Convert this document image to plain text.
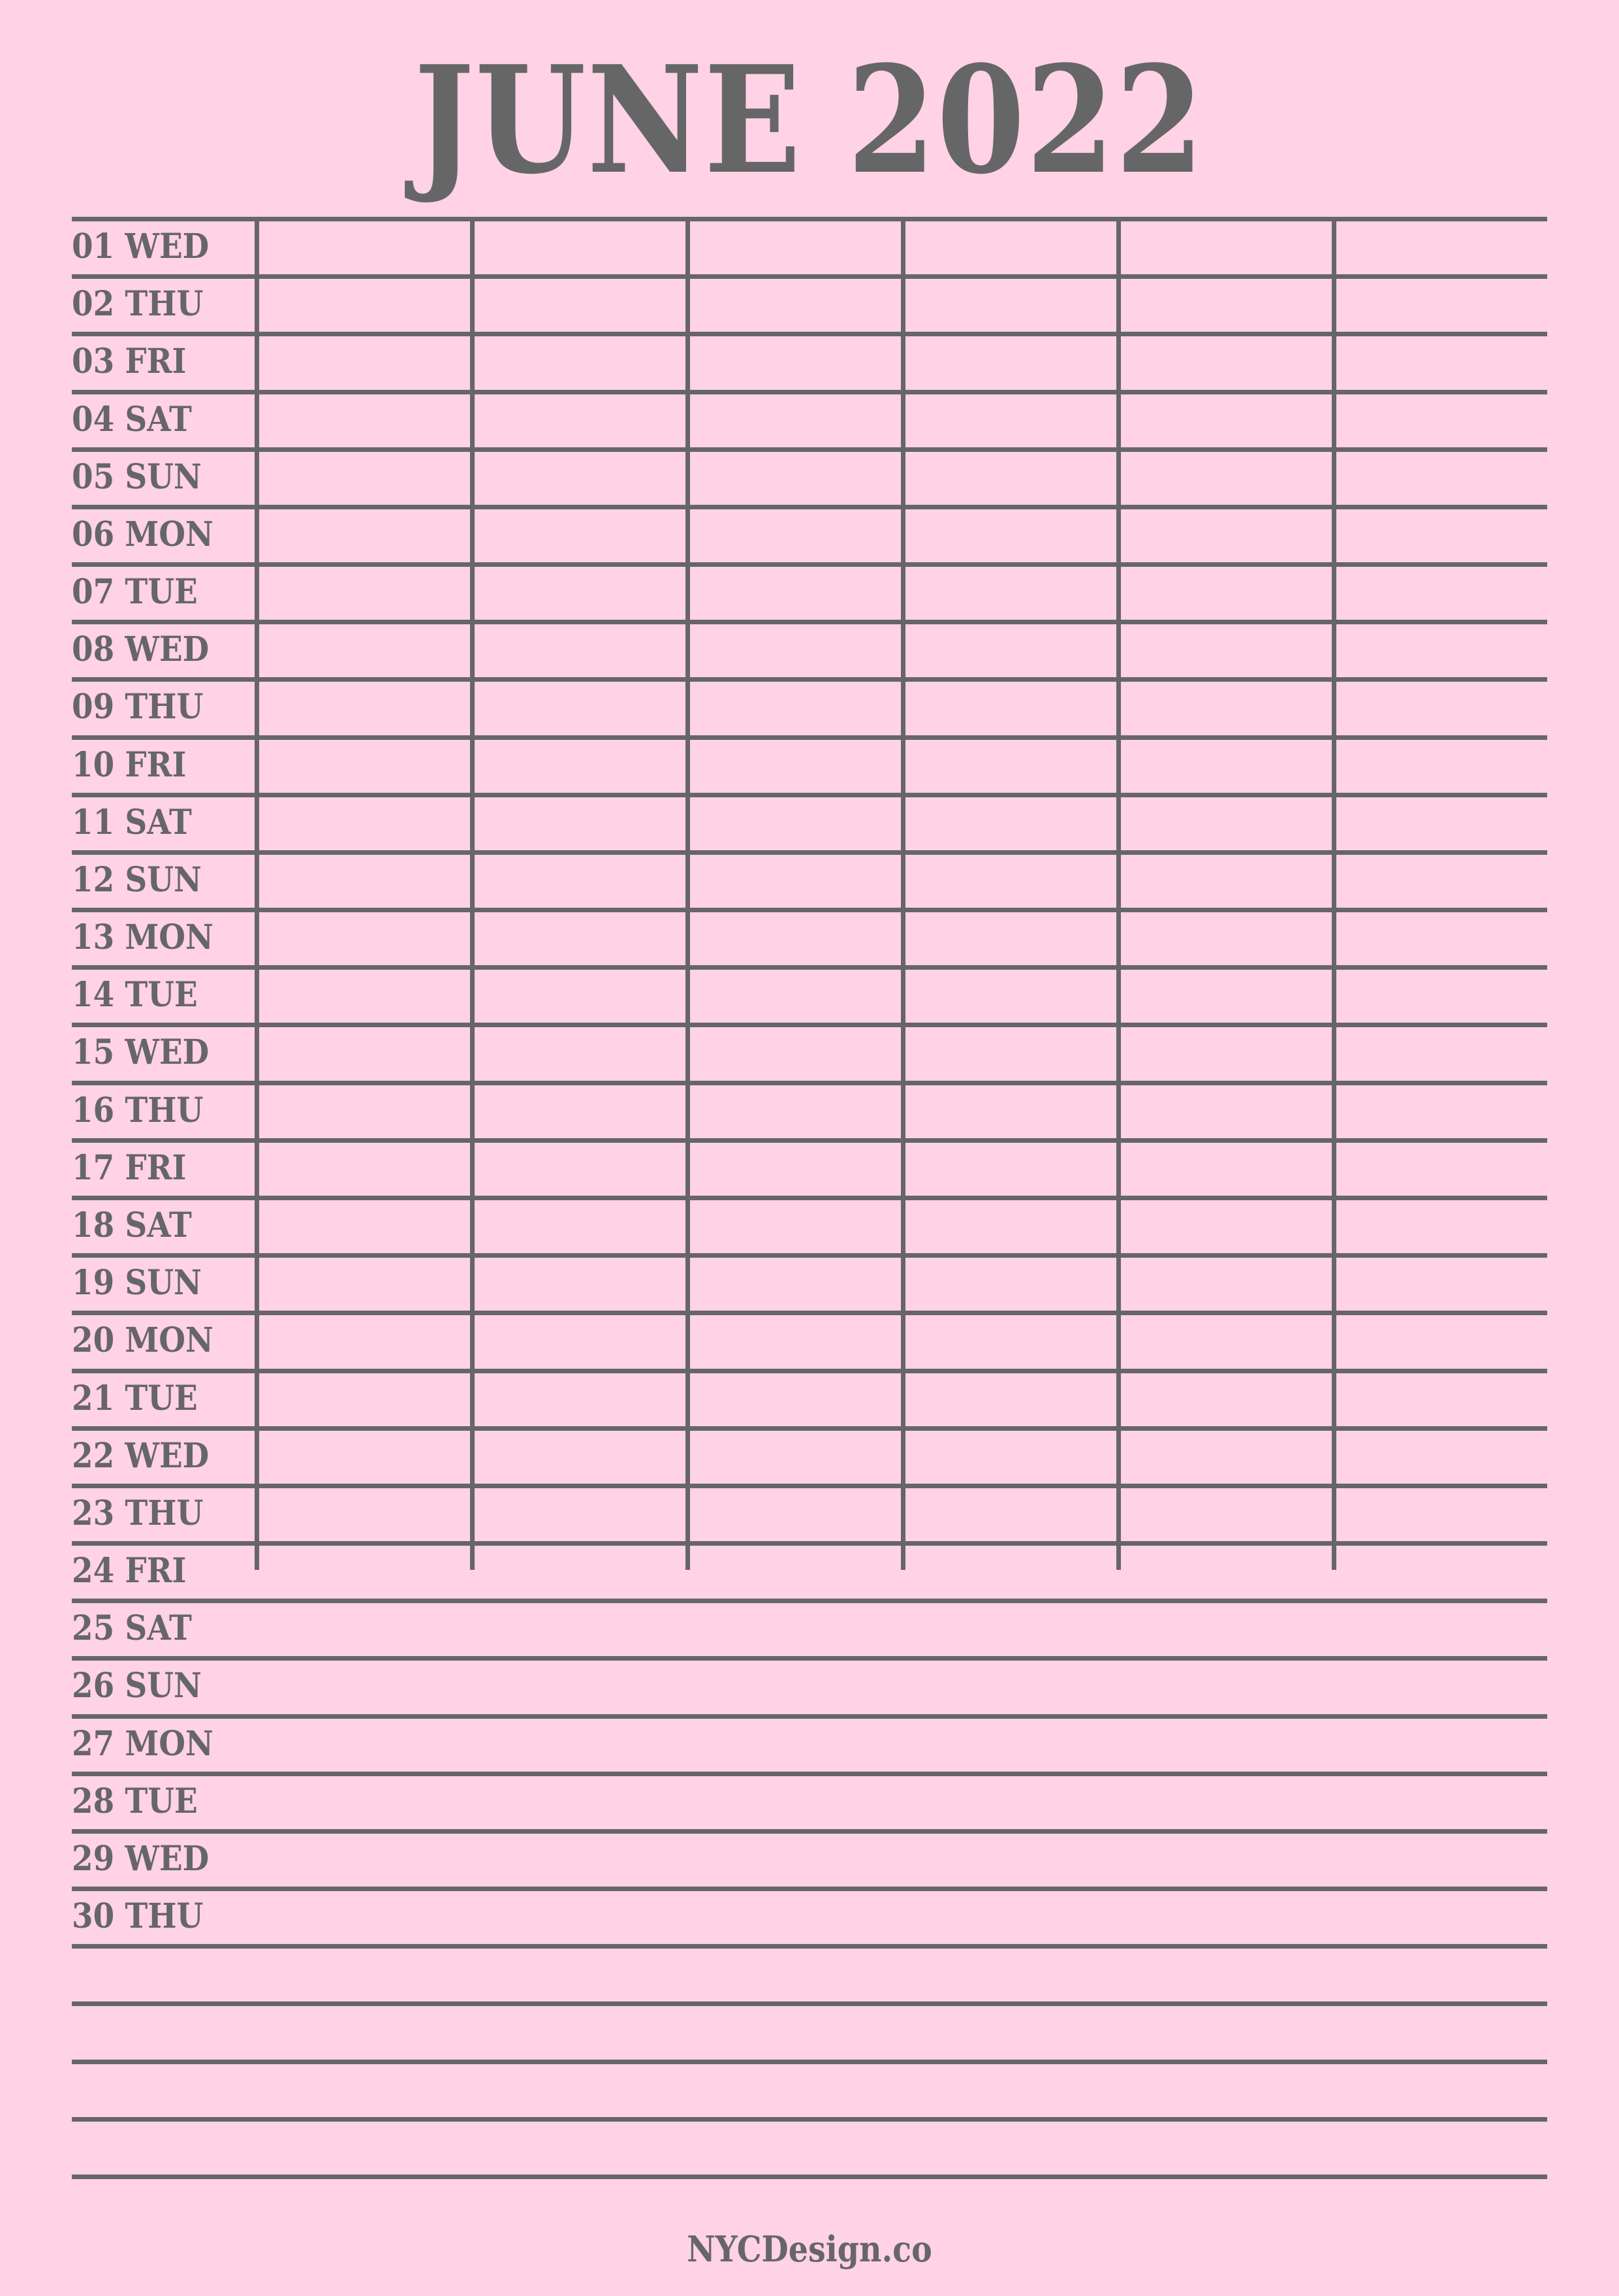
JUNE 2022
01 WED
02 THU
03 FRI
04 SAT
05 SUN
06 MON
07 TUE
08 WED
09 THU
10 FRI
11 SAT
12 SUN
13 MON
14 TUE
15 WED
16 THU
17 FRI
18 SAT
19 SUN
20 MON
21 TUE
22 WED
23 THU
24 FRI
25 SAT
26 SUN
27 MON
28 TUE
29 WED
30 THU
NYCDesign.co
